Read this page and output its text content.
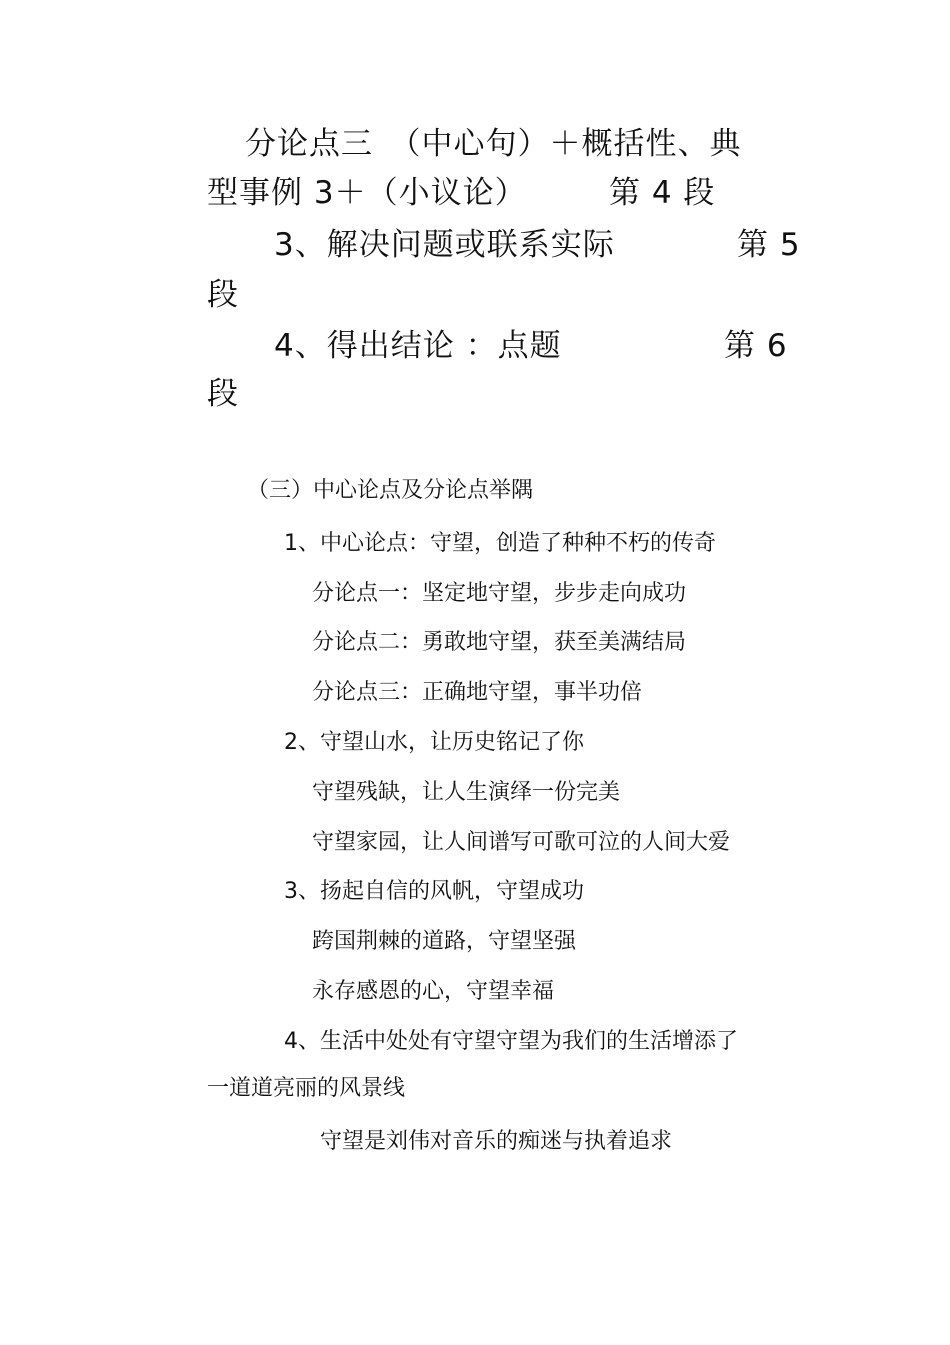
分论点三　（中心句）＋概括性、典
型事例 3＋（小议论）	第 4 段
3、解决问题或联系实际	第 5
段
4、得出结论 ：点题	第 6
段
（三）中心论点及分论点举隅
1、中心论点：守望，创造了种种不朽的传奇
分论点一：坚定地守望，步步走向成功
分论点二：勇敢地守望，获至美满结局
分论点三：正确地守望，事半功倍
2、守望山水，让历史铭记了你
守望残缺，让人生演绎一份完美
守望家园，让人间谱写可歌可泣的人间大爱
3、扬起自信的风帆，守望成功
跨国荆棘的道路，守望坚强
永存感恩的心，守望幸福
4、生活中处处有守望守望为我们的生活增添了
一道道亮丽的风景线
守望是刘伟对音乐的痴迷与执着追求
